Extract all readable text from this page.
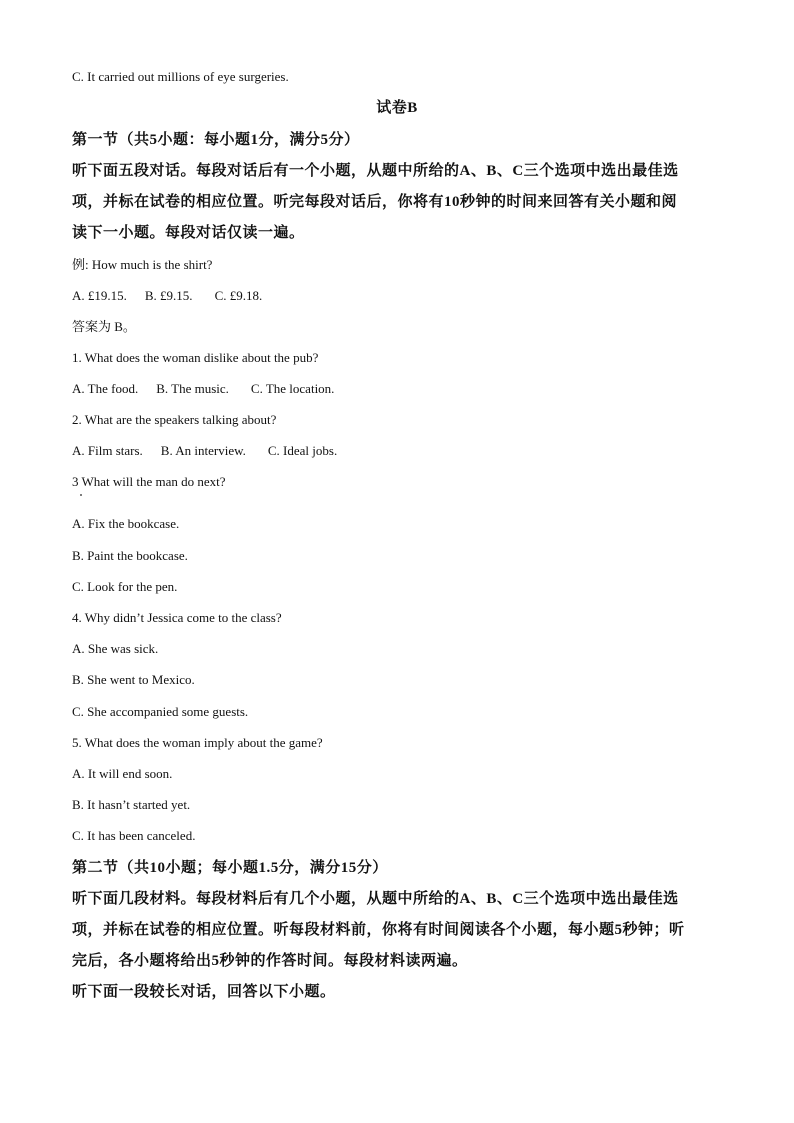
C. It carried out millions of eye surgeries.
试卷B
第一节（共5小题：每小题1分，满分5分）
听下面五段对话。每段对话后有一个小题，从题中所给的A、B、C三个选项中选出最佳选
项，并标在试卷的相应位置。听完每段对话后，你将有10秒钟的时间来回答有关小题和阅
读下一小题。每段对话仅读一遍。
例: How much is the shirt?
A. £19.15. B. £9.15. C. £9.18.
答案为 B。
1. What does the woman dislike about the pub?
A. The food. B. The music. C. The location.
2. What are the speakers talking about?
A. Film stars. B. An interview. C. Ideal jobs.
3 What will the man do next?
A. Fix the bookcase.
B. Paint the bookcase.
C. Look for the pen.
4. Why didn’t Jessica come to the class?
A. She was sick.
B. She went to Mexico.
C. She accompanied some guests.
5. What does the woman imply about the game?
A. It will end soon.
B. It hasn’t started yet.
C. It has been canceled.
第二节（共10小题；每小题1.5分，满分15分）
听下面几段材料。每段材料后有几个小题，从题中所给的A、B、C三个选项中选出最佳选
项，并标在试卷的相应位置。听每段材料前，你将有时间阅读各个小题，每小题5秒钟；听
完后，各小题将给出5秒钟的作答时间。每段材料读两遍。
听下面一段较长对话，回答以下小题。
